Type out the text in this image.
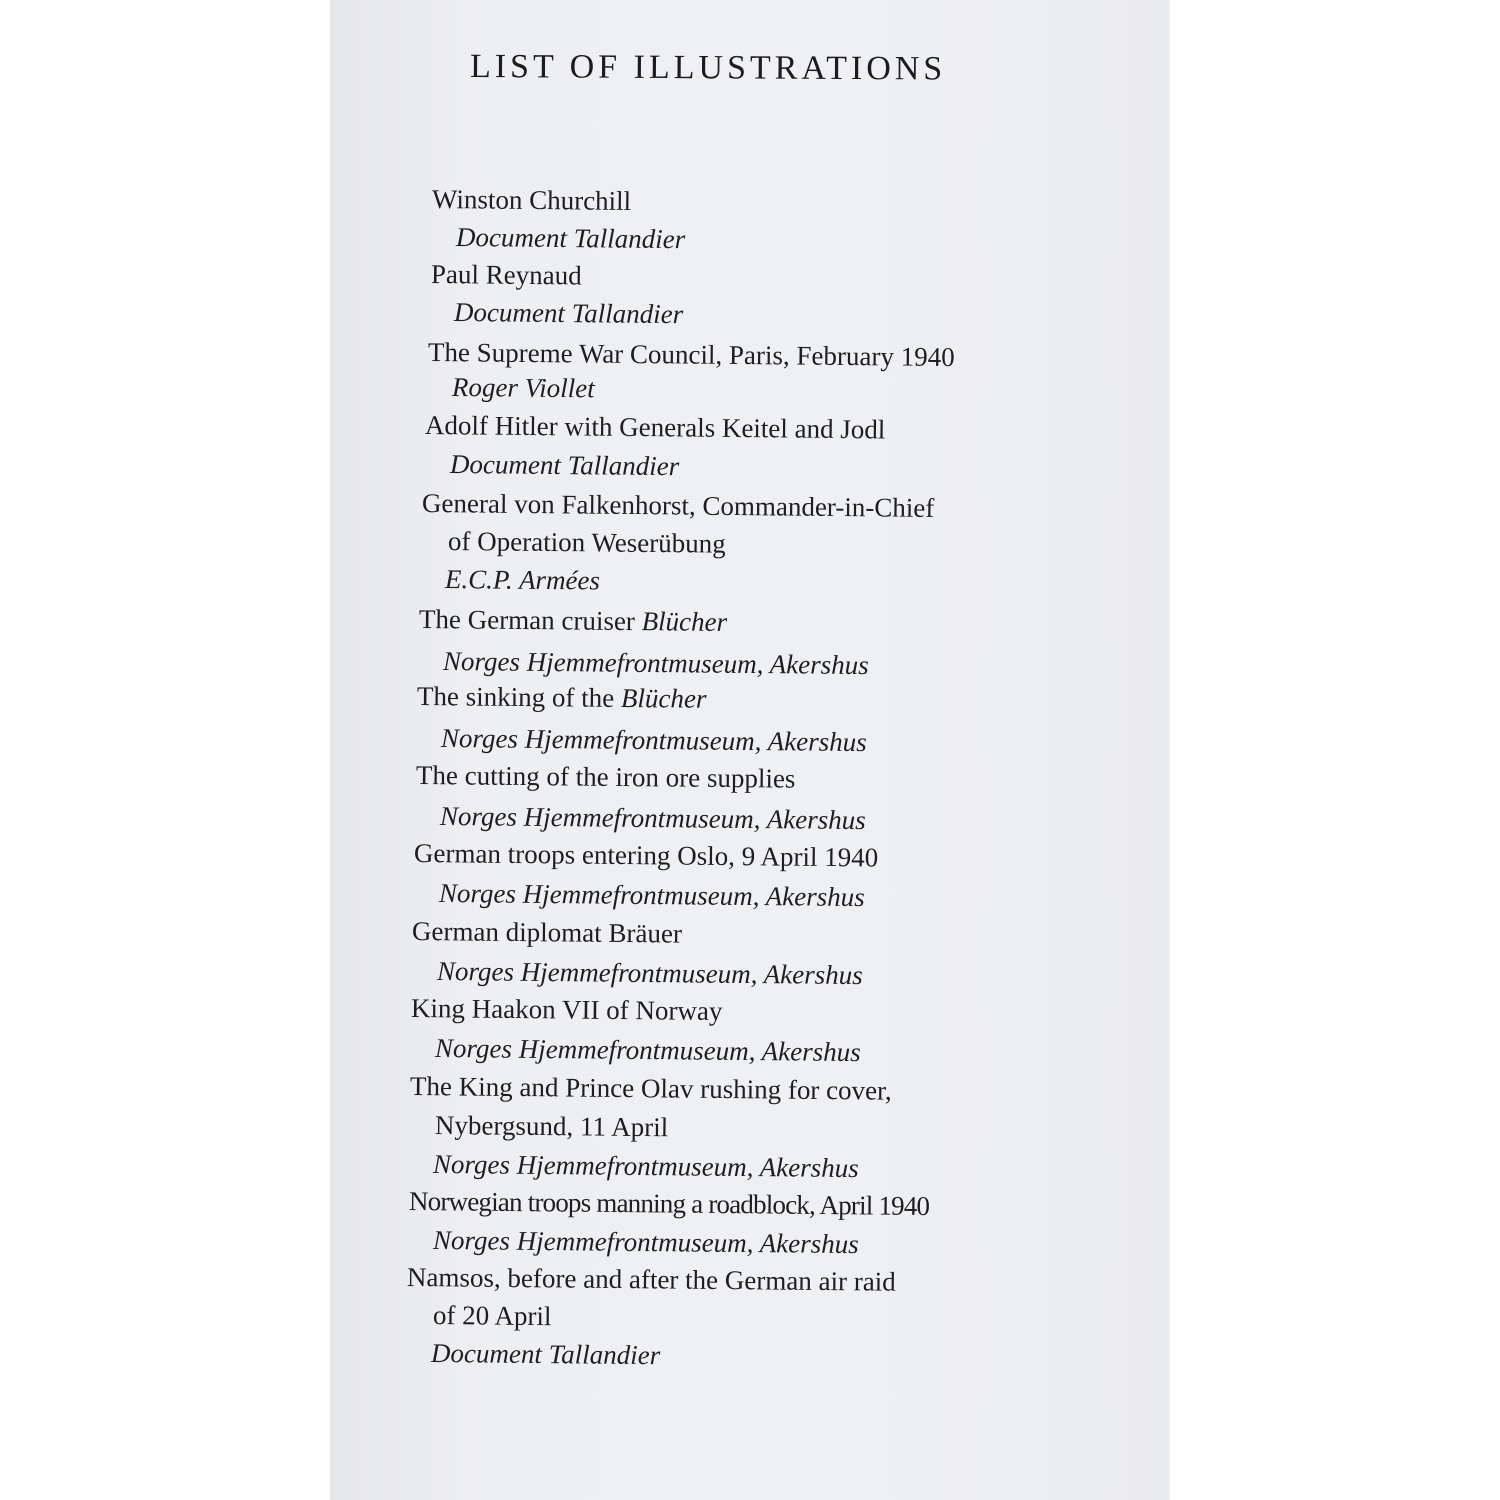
LIST OF ILLUSTRATIONS
Winston Churchill
Document Tallandier
Paul Reynaud
Document Tallandier
The Supreme War Council, Paris, February 1940
Roger Viollet
Adolf Hitler with Generals Keitel and Jodl
Document Tallandier
General von Falkenhorst, Commander-in-Chief
of Operation Weserübung
E.C.P. Armées
The German cruiser Blücher
Norges Hjemmefrontmuseum, Akershus
The sinking of the Blücher
Norges Hjemmefrontmuseum, Akershus
The cutting of the iron ore supplies
Norges Hjemmefrontmuseum, Akershus
German troops entering Oslo, 9 April 1940
Norges Hjemmefrontmuseum, Akershus
German diplomat Bräuer
Norges Hjemmefrontmuseum, Akershus
King Haakon VII of Norway
Norges Hjemmefrontmuseum, Akershus
The King and Prince Olav rushing for cover,
Nybergsund, 11 April
Norges Hjemmefrontmuseum, Akershus
Norwegian troops manning a roadblock, April 1940
Norges Hjemmefrontmuseum, Akershus
Namsos, before and after the German air raid
of 20 April
Document Tallandier
